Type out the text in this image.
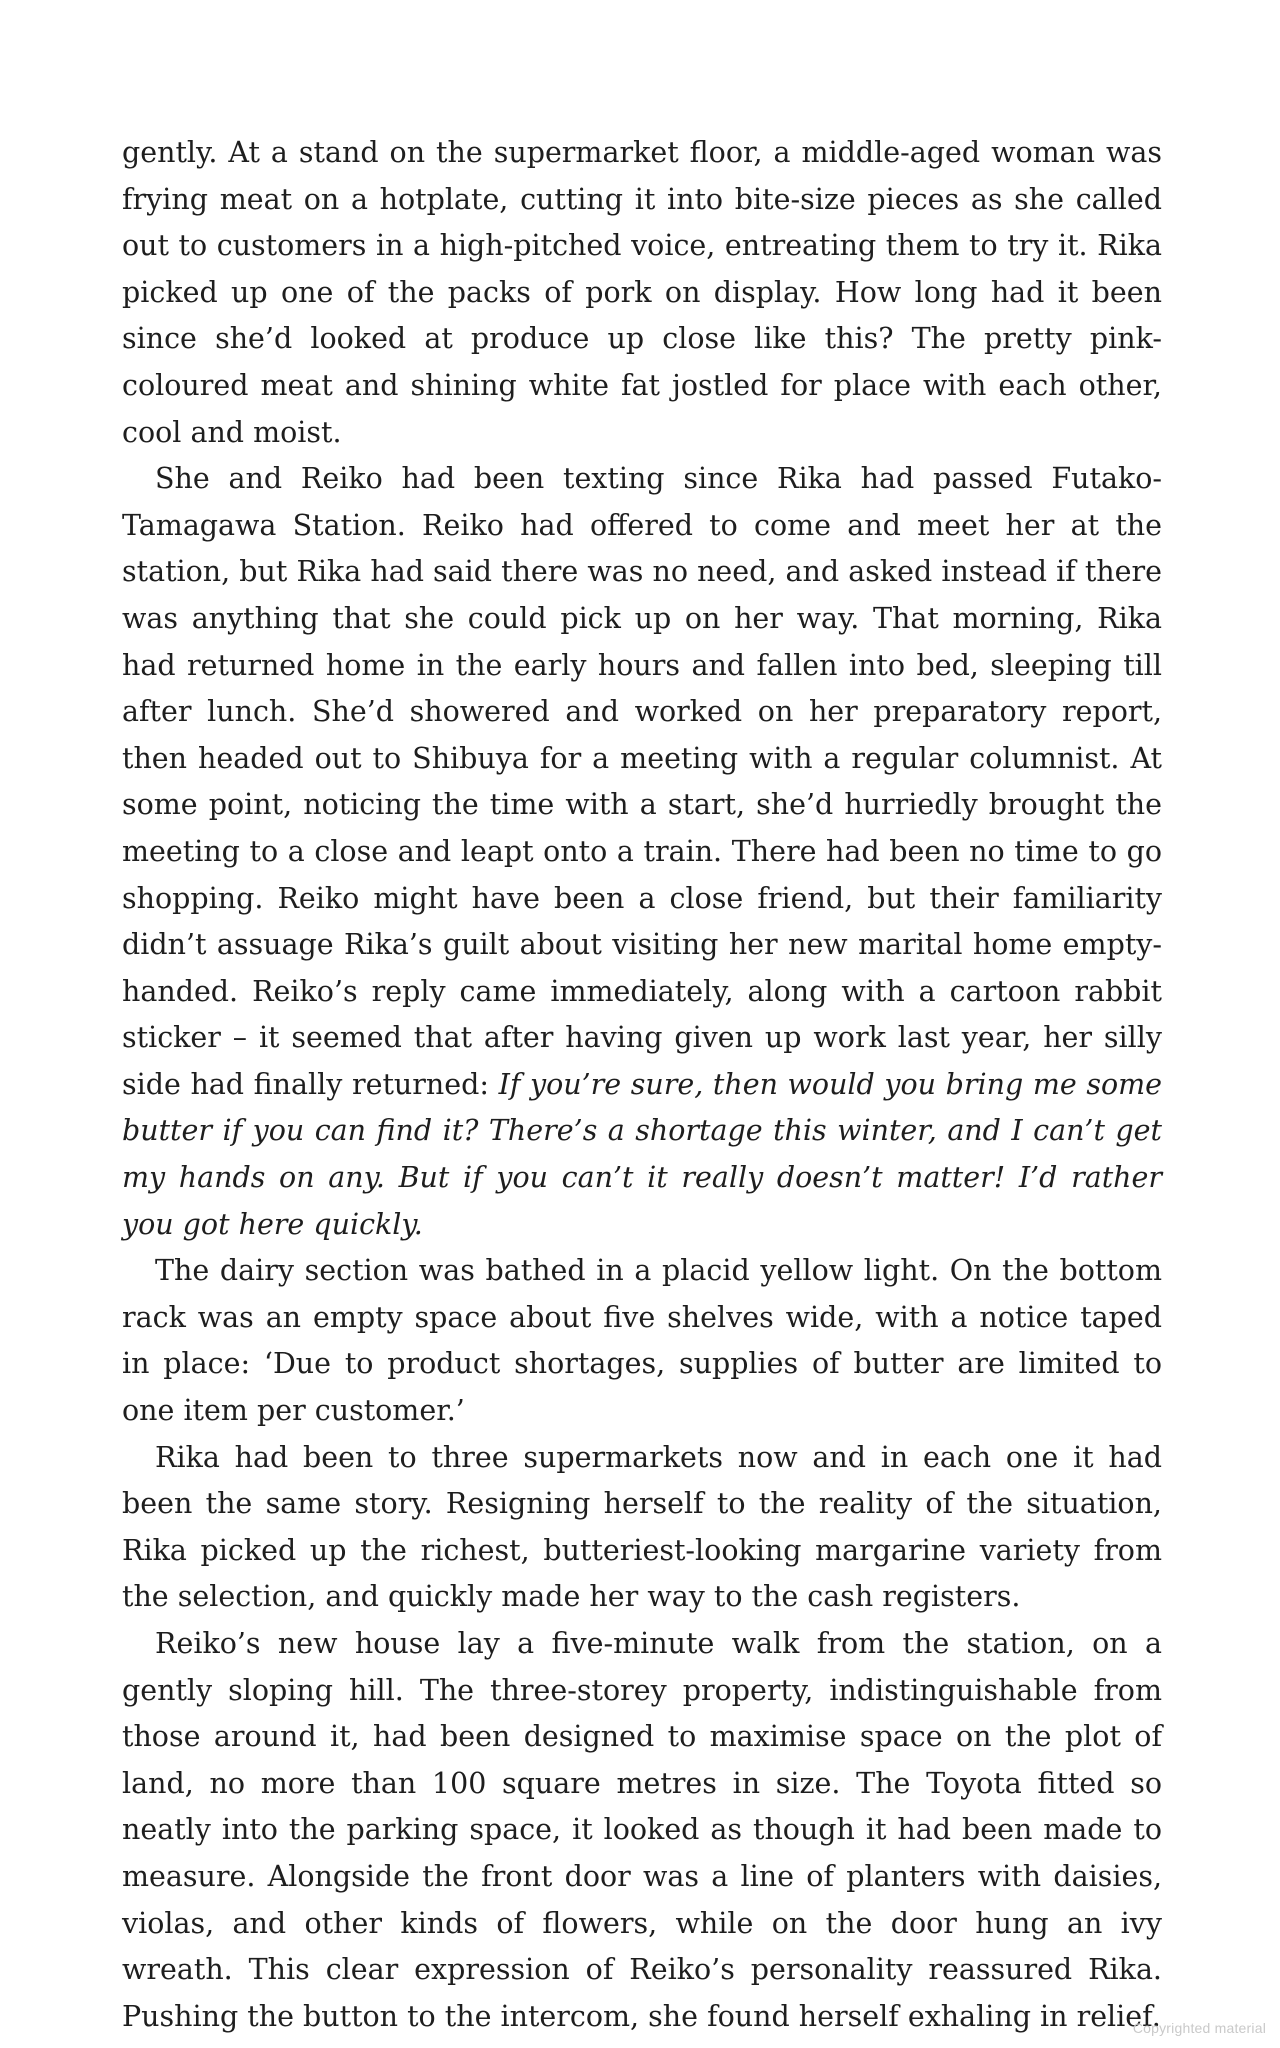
gently. At a stand on the supermarket floor, a middle-aged woman was frying meat on a hotplate, cutting it into bite-size pieces as she called out to customers in a high-pitched voice, entreating them to try it. Rika picked up one of the packs of pork on display. How long had it been since she’d looked at produce up close like this? The pretty pink-coloured meat and shining white fat jostled for place with each other, cool and moist.

She and Reiko had been texting since Rika had passed Futako-Tamagawa Station. Reiko had offered to come and meet her at the station, but Rika had said there was no need, and asked instead if there was anything that she could pick up on her way. That morning, Rika had returned home in the early hours and fallen into bed, sleeping till after lunch. She’d showered and worked on her preparatory report, then headed out to Shibuya for a meeting with a regular columnist. At some point, noticing the time with a start, she’d hurriedly brought the meeting to a close and leapt onto a train. There had been no time to go shopping. Reiko might have been a close friend, but their familiarity didn’t assuage Rika’s guilt about visiting her new marital home empty-handed. Reiko’s reply came immediately, along with a cartoon rabbit sticker – it seemed that after having given up work last year, her silly side had finally returned: If you’re sure, then would you bring me some butter if you can find it? There’s a shortage this winter, and I can’t get my hands on any. But if you can’t it really doesn’t matter! I’d rather you got here quickly.

The dairy section was bathed in a placid yellow light. On the bottom rack was an empty space about five shelves wide, with a notice taped in place: ‘Due to product shortages, supplies of butter are limited to one item per customer.’

Rika had been to three supermarkets now and in each one it had been the same story. Resigning herself to the reality of the situation, Rika picked up the richest, butteriest-looking margarine variety from the selection, and quickly made her way to the cash registers.

Reiko’s new house lay a five-minute walk from the station, on a gently sloping hill. The three-storey property, indistinguishable from those around it, had been designed to maximise space on the plot of land, no more than 100 square metres in size. The Toyota fitted so neatly into the parking space, it looked as though it had been made to measure. Alongside the front door was a line of planters with daisies, violas, and other kinds of flowers, while on the door hung an ivy wreath. This clear expression of Reiko’s personality reassured Rika. Pushing the button to the intercom, she found herself exhaling in relief.

Copyrighted material
